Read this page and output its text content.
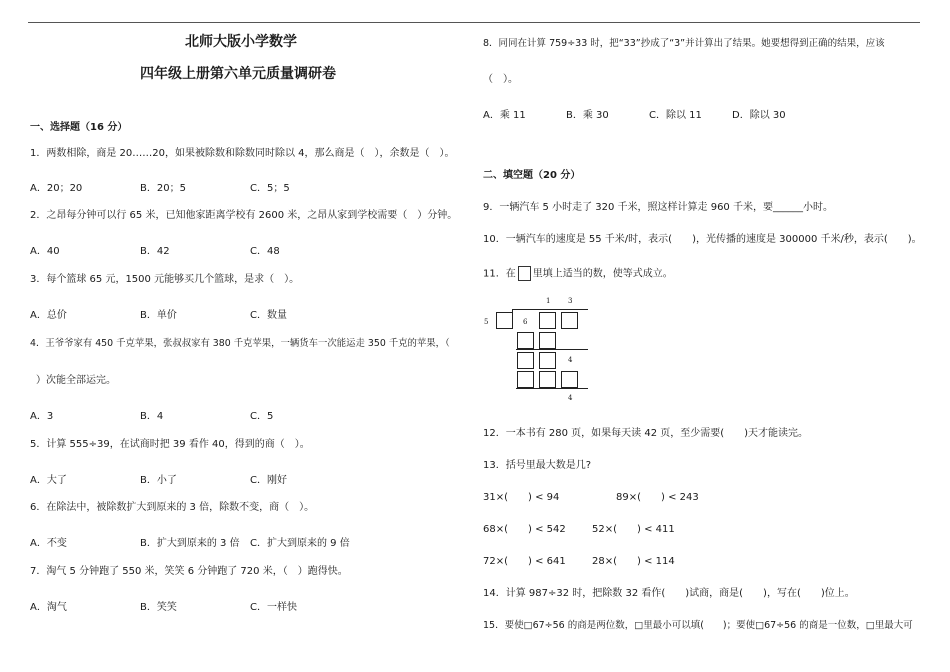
北师大版小学数学
四年级上册第六单元质量调研卷
一、选择题（16 分）
1．两数相除，商是 20……20，如果被除数和除数同时除以 4，那么商是（　），余数是（　）。
A．20；20	B．20；5	C．5；5
2．之昂每分钟可以行 65 米，已知他家距离学校有 2600 米，之昂从家到学校需要（　）分钟。
A．40	B．42	C．48
3．每个篮球 65 元，1500 元能够买几个篮球，是求（　）。
A．总价	B．单价	C．数量
4．王爷爷家有 450 千克苹果，张叔叔家有 380 千克苹果，一辆货车一次能运走 350 千克的苹果，（
）次能全部运完。
A．3	B．4	C．5
5．计算 555÷39，在试商时把 39 看作 40，得到的商（　）。
A．大了	B．小了	C．刚好
6．在除法中，被除数扩大到原来的 3 倍，除数不变，商（　）。
A．不变	B．扩大到原来的 3 倍 C．扩大到原来的 9 倍
7．淘气 5 分钟跑了 550 米，笑笑 6 分钟跑了 720 米，（　）跑得快。
A．淘气	B．笑笑	C．一样快
8．同同在计算 759÷33 时，把“33”抄成了“3”并计算出了结果。她要想得到正确的结果，应该
（　）。
A．乘 11	B．乘 30	C．除以 11	D．除以 30
二、填空题（20 分）
9．一辆汽车 5 小时走了 320 千米，照这样计算走 960 千米，要______小时。
10．一辆汽车的速度是 55 千米/时，表示(　　)，光传播的速度是 300000 千米/秒，表示(　　)。
11．在 里填上适当的数，使等式成立。
1	3
5	6
4
4
12．一本书有 280 页，如果每天读 42 页，至少需要(　　)天才能读完。
13．括号里最大数是几?
31×(　　) < 94	89×(　　) < 243
68×(　　) < 542	52×(　　) < 411
72×(　　) < 641	28×(　　) < 114
14．计算 987÷32 时，把除数 32 看作(　　)试商，商是(　　)，写在(　　)位上。
15．要使□67÷56 的商是两位数，□里最小可以填(　　)；要使□67÷56 的商是一位数，□里最大可
